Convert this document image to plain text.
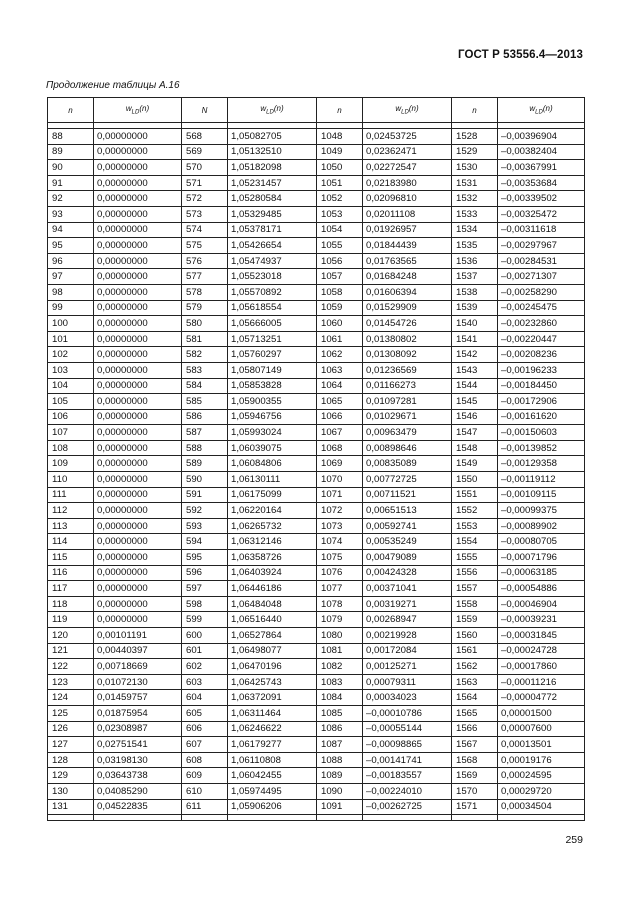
ГОСТ Р 53556.4—2013
Продолжение таблицы А.16
n	$w_{LD}(n)$	N	$w_{LD}(n)$	n	$w_{LD}(n)$	n	$w_{LD}(n)$

88	0,00000000	568	1,05082705	1048	0,02453725	1528	–0,00396904
89	0,00000000	569	1,05132510	1049	0,02362471	1529	–0,00382404
90	0,00000000	570	1,05182098	1050	0,02272547	1530	–0,00367991
91	0,00000000	571	1,05231457	1051	0,02183980	1531	–0,00353684
92	0,00000000	572	1,05280584	1052	0,02096810	1532	–0,00339502
93	0,00000000	573	1,05329485	1053	0,02011108	1533	–0,00325472
94	0,00000000	574	1,05378171	1054	0,01926957	1534	–0,00311618
95	0,00000000	575	1,05426654	1055	0,01844439	1535	–0,00297967
96	0,00000000	576	1,05474937	1056	0,01763565	1536	–0,00284531
97	0,00000000	577	1,05523018	1057	0,01684248	1537	–0,00271307
98	0,00000000	578	1,05570892	1058	0,01606394	1538	–0,00258290
99	0,00000000	579	1,05618554	1059	0,01529909	1539	–0,00245475
100	0,00000000	580	1,05666005	1060	0,01454726	1540	–0,00232860
101	0,00000000	581	1,05713251	1061	0,01380802	1541	–0,00220447
102	0,00000000	582	1,05760297	1062	0,01308092	1542	–0,00208236
103	0,00000000	583	1,05807149	1063	0,01236569	1543	–0,00196233
104	0,00000000	584	1,05853828	1064	0,01166273	1544	–0,00184450
105	0,00000000	585	1,05900355	1065	0,01097281	1545	–0,00172906
106	0,00000000	586	1,05946756	1066	0,01029671	1546	–0,00161620
107	0,00000000	587	1,05993024	1067	0,00963479	1547	–0,00150603
108	0,00000000	588	1,06039075	1068	0,00898646	1548	–0,00139852
109	0,00000000	589	1,06084806	1069	0,00835089	1549	–0,00129358
110	0,00000000	590	1,06130111	1070	0,00772725	1550	–0,00119112
111	0,00000000	591	1,06175099	1071	0,00711521	1551	–0,00109115
112	0,00000000	592	1,06220164	1072	0,00651513	1552	–0,00099375
113	0,00000000	593	1,06265732	1073	0,00592741	1553	–0,00089902
114	0,00000000	594	1,06312146	1074	0,00535249	1554	–0,00080705
115	0,00000000	595	1,06358726	1075	0,00479089	1555	–0,00071796
116	0,00000000	596	1,06403924	1076	0,00424328	1556	–0,00063185
117	0,00000000	597	1,06446186	1077	0,00371041	1557	–0,00054886
118	0,00000000	598	1,06484048	1078	0,00319271	1558	–0,00046904
119	0,00000000	599	1,06516440	1079	0,00268947	1559	–0,00039231
120	0,00101191	600	1,06527864	1080	0,00219928	1560	–0,00031845
121	0,00440397	601	1,06498077	1081	0,00172084	1561	–0,00024728
122	0,00718669	602	1,06470196	1082	0,00125271	1562	–0,00017860
123	0,01072130	603	1,06425743	1083	0,00079311	1563	–0,00011216
124	0,01459757	604	1,06372091	1084	0,00034023	1564	–0,00004772
125	0,01875954	605	1,06311464	1085	–0,00010786	1565	0,00001500
126	0,02308987	606	1,06246622	1086	–0,00055144	1566	0,00007600
127	0,02751541	607	1,06179277	1087	–0,00098865	1567	0,00013501
128	0,03198130	608	1,06110808	1088	–0,00141741	1568	0,00019176
129	0,03643738	609	1,06042455	1089	–0,00183557	1569	0,00024595
130	0,04085290	610	1,05974495	1090	–0,00224010	1570	0,00029720
131	0,04522835	611	1,05906206	1091	–0,00262725	1571	0,00034504

259
